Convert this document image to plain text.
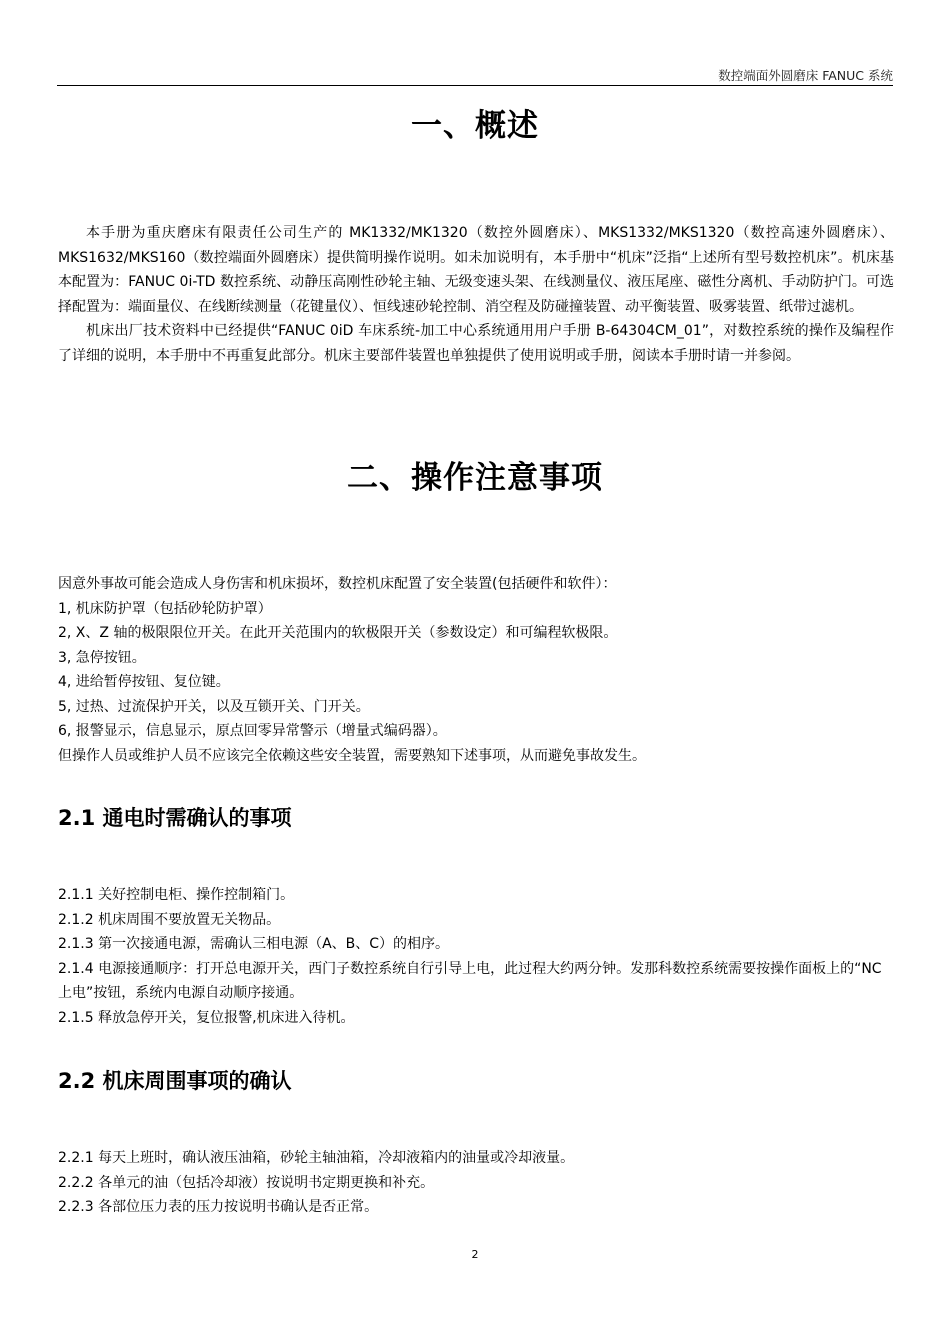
数控端面外圆磨床 FANUC 系统
一、概述

本手册为重庆磨床有限责任公司生产的 MK1332/MK1320（数控外圆磨床）、MKS1332/MKS1320（数控高速外圆磨床）、MKS1632/MKS160（数控端面外圆磨床）提供简明操作说明。如未加说明有，本手册中“机床”泛指“上述所有型号数控机床”。机床基本配置为：FANUC 0i-TD 数控系统、动静压高刚性砂轮主轴、无级变速头架、在线测量仪、液压尾座、磁性分离机、手动防护门。可选择配置为：端面量仪、在线断续测量（花键量仪）、恒线速砂轮控制、消空程及防碰撞装置、动平衡装置、吸雾装置、纸带过滤机。

机床出厂技术资料中已经提供“FANUC 0iD 车床系统-加工中心系统通用用户手册 B-64304CM_01”，对数控系统的操作及编程作了详细的说明，本手册中不再重复此部分。机床主要部件装置也单独提供了使用说明或手册，阅读本手册时请一并参阅。

二、操作注意事项
因意外事故可能会造成人身伤害和机床损坏，数控机床配置了安全装置(包括硬件和软件）：
1, 机床防护罩（包括砂轮防护罩）
2, X、Z 轴的极限限位开关。在此开关范围内的软极限开关（参数设定）和可编程软极限。
3, 急停按钮。
4, 进给暂停按钮、复位键。
5, 过热、过流保护开关，以及互锁开关、门开关。
6, 报警显示，信息显示，原点回零异常警示（增量式编码器）。
但操作人员或维护人员不应该完全依赖这些安全装置，需要熟知下述事项，从而避免事故发生。
2.1 通电时需确认的事项
2.1.1 关好控制电柜、操作控制箱门。
2.1.2 机床周围不要放置无关物品。
2.1.3 第一次接通电源，需确认三相电源（A、B、C）的相序。
2.1.4 电源接通顺序：打开总电源开关，西门子数控系统自行引导上电，此过程大约两分钟。发那科数控系统需要按操作面板上的“NC 上电”按钮，系统内电源自动顺序接通。
2.1.5 释放急停开关，复位报警,机床进入待机。
2.2 机床周围事项的确认
2.2.1 每天上班时，确认液压油箱，砂轮主轴油箱，冷却液箱内的油量或冷却液量。
2.2.2 各单元的油（包括冷却液）按说明书定期更换和补充。
2.2.3 各部位压力表的压力按说明书确认是否正常。
2
